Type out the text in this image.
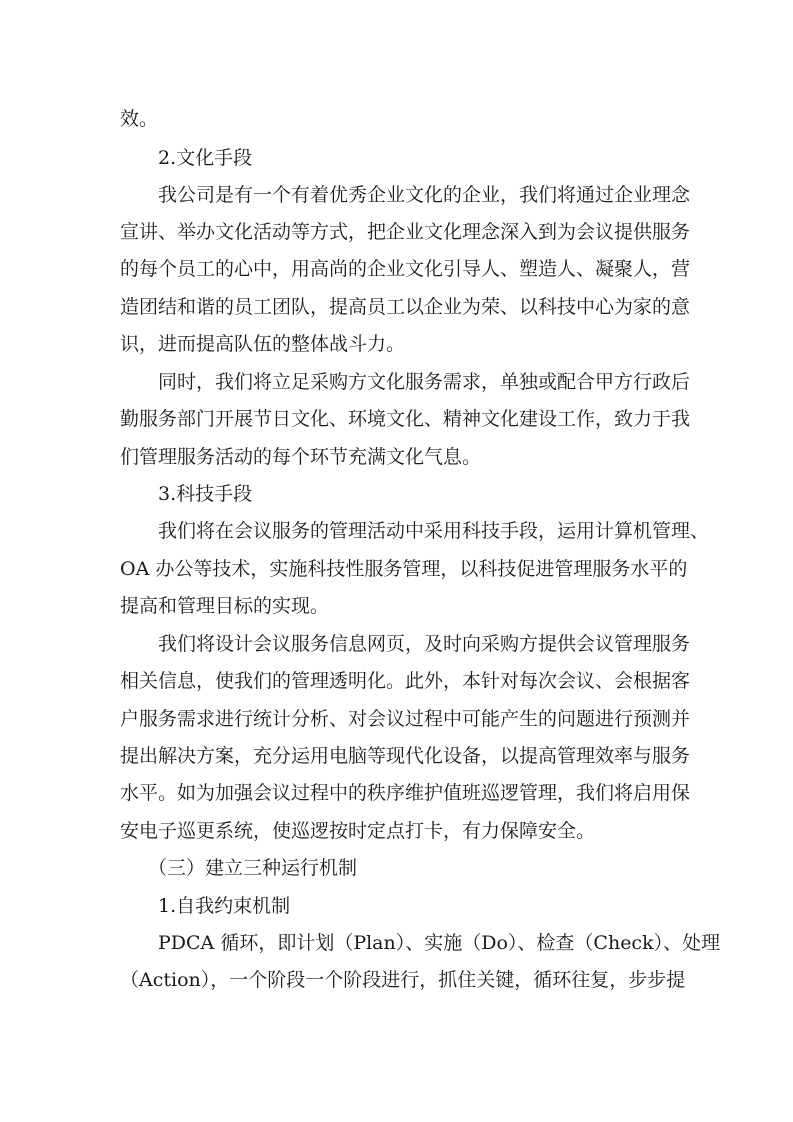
效。
2.文化手段
我公司是有一个有着优秀企业文化的企业，我们将通过企业理念
宣讲、举办文化活动等方式，把企业文化理念深入到为会议提供服务
的每个员工的心中，用高尚的企业文化引导人、塑造人、凝聚人，营
造团结和谐的员工团队，提高员工以企业为荣、以科技中心为家的意
识，进而提高队伍的整体战斗力。
同时，我们将立足采购方文化服务需求，单独或配合甲方行政后
勤服务部门开展节日文化、环境文化、精神文化建设工作，致力于我
们管理服务活动的每个环节充满文化气息。
3.科技手段
我们将在会议服务的管理活动中采用科技手段，运用计算机管理、
OA 办公等技术，实施科技性服务管理，以科技促进管理服务水平的
提高和管理目标的实现。
我们将设计会议服务信息网页，及时向采购方提供会议管理服务
相关信息，使我们的管理透明化。此外，本针对每次会议、会根据客
户服务需求进行统计分析、对会议过程中可能产生的问题进行预测并
提出解决方案，充分运用电脑等现代化设备，以提高管理效率与服务
水平。如为加强会议过程中的秩序维护值班巡逻管理，我们将启用保
安电子巡更系统，使巡逻按时定点打卡，有力保障安全。
（三）建立三种运行机制
1.自我约束机制
PDCA 循环，即计划（Plan）、实施（Do）、检查（Check）、处理
（Action），一个阶段一个阶段进行，抓住关键，循环往复，步步提
